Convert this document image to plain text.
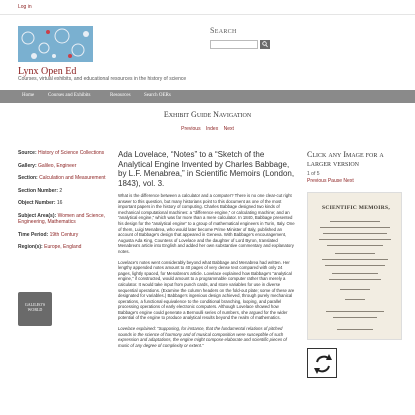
Log in
Lynx Open Ed
Courses, virtual exhibits, and educational resources in the history of science
Search
Home	Courses and Exhibits	Resources	Search OERs
Exhibit Guide Navigation
Previous Index Next
Source: History of Science Collections
Gallery: Galileo, Engineer
Section: Calculation and Measurement
Section Number: 2
Object Number: 16
Subject Area(s): Women and Science, Engineering, Mathematics
Time Period: 19th Century
Region(s): Europe, England
GALILEO'S WORLD
Ada Lovelace, “Notes” to a “Sketch of the Analytical Engine Invented by Charles Babbage, by L.F. Menabrea,” in Scientific Memoirs (London, 1843), vol. 3.

What is the difference between a calculator and a computer? There is no one clear-cut right answer to this question, but many historians point to this document as one of the most important papers in the history of computing. Charles Babbage designed two kinds of mechanical computational machines: a “difference engine,” or calculating machine; and an “analytical engine,” which was far more than a mere calculator. In 1840, Babbage presented his design for the “analytical engine” to a group of mathematical engineers in Turin, Italy. One of them, Luigi Menabrea, who would later become Prime Minister of Italy, published an account of Babbage's design that appeared in Geneva. With Babbage's encouragement, Augusta Ada King, Countess of Lovelace and the daughter of Lord Byron, translated Menabrea's article into English and added her own substantive commentary and explanatory notes.

Lovelace's notes went considerably beyond what Babbage and Menabrea had written. Her lengthy appended notes amount to 40 pages of very dense text compared with only 24 pages, lightly spaced, for Menabrea's article. Lovelace explained how Babbage's “analytical engine,” if constructed, would amount to a programmable computer rather than merely a calculator. It would take input from punch cards, and store variables for use in diverse sequential operations. (Examine the column headers on the fold-out plate; some of these are designated for variables.) Babbage's ingenious design achieved, through purely mechanical operations, a functional equivalence to the conditional branching, looping, and parallel processing operations of early electronic computers. Although Lovelace showed how Babbage's engine could generate a Bernoulli series of numbers, she argued for the wider potential of the engine to produce analytical results beyond the realm of mathematics.

Lovelace explained: “Supposing, for instance, that the fundamental relations of pitched sounds in the science of harmony and of musical composition were susceptible of such expression and adaptations, the engine might compose elaborate and scientific pieces of music of any degree of complexity or extent.”

Click any Image for a larger version
1 of 5
Previous Pause Next
SCIENTIFIC MEMOIRS,
